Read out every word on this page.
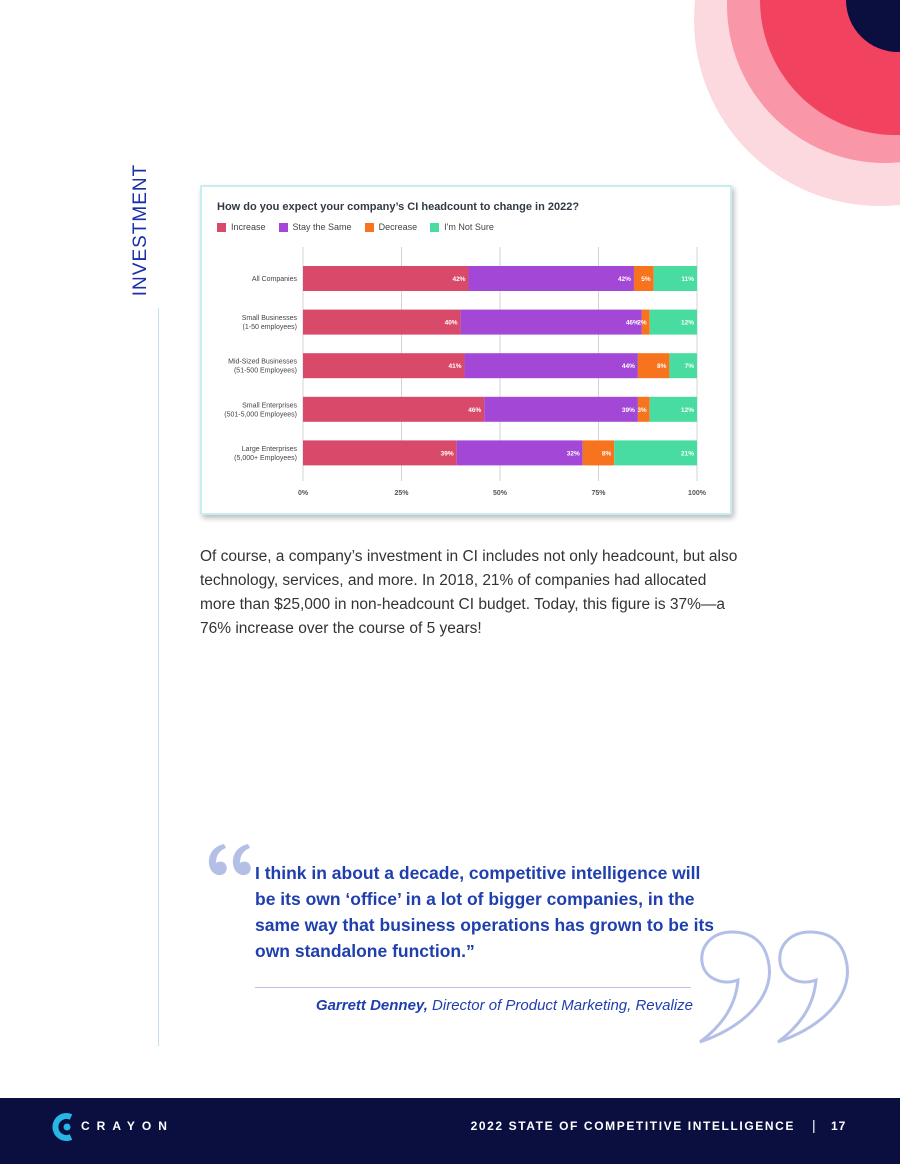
INVESTMENT
0%	25%	50%	75%	100%
All Companies	42%	42% 5%	11%
Small Businesses (1-50 employees)
40%	46%
2%	12%
Mid-Sized Businesses (51-500 Employees)
41%	44%	8%	7%
Small Enterprises (501-5,000 Employees)
46%	39% 3%	12%
Large Enterprises (5,000+ Employees)
39%	32%	8%	21%
How do you expect your company’s CI headcount to change in 2022?
Increase	Stay the Same	Decrease	I'm Not Sure

Of course, a company’s investment in CI includes not only headcount, but also technology, services, and more. In 2018, 21% of companies had allocated more than $25,000 in non-headcount CI budget. Today, this figure is 37%—a 76% increase over the course of 5 years!

I think in about a decade, competitive intelligence will be its own ‘office’ in a lot of bigger companies, in the same way that business operations has grown to be its own standalone function.”

Garrett Denney, Director of Product Marketing, Revalize
CRAYON	2022 STATE OF COMPETITIVE INTELLIGENCE | 17
